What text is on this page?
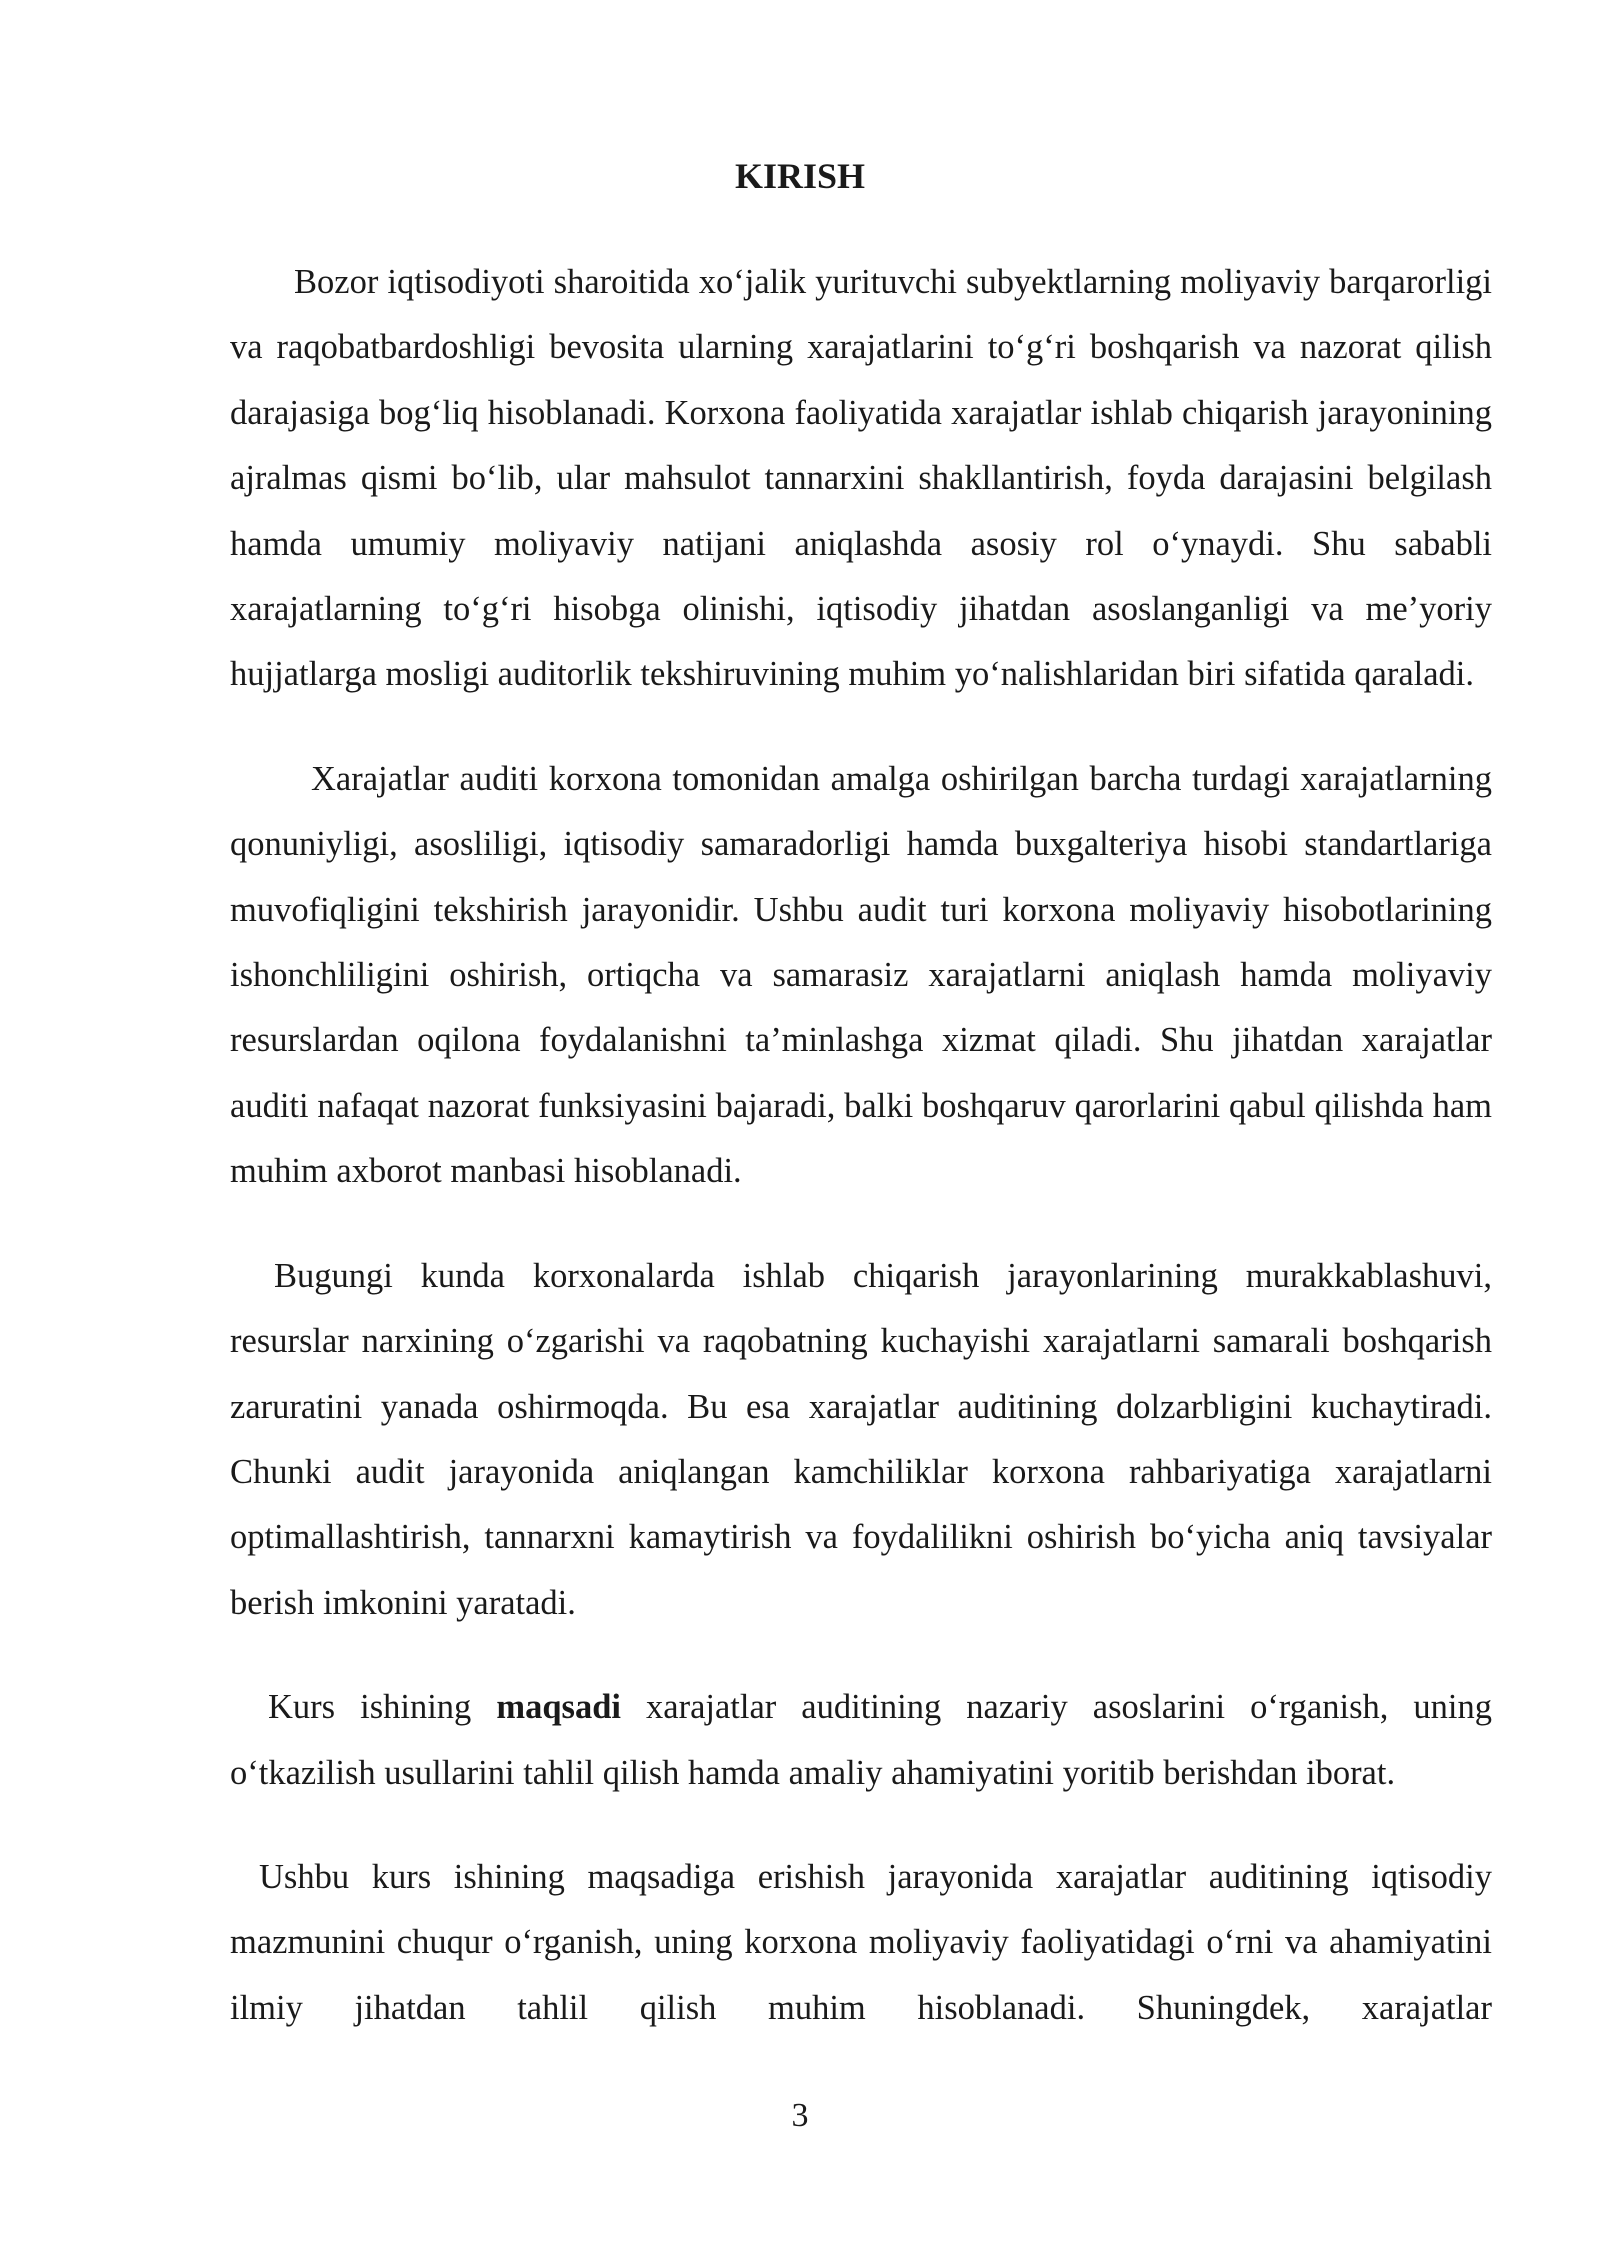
KIRISH

Bozor iqtisodiyoti sharoitida xo‘jalik yurituvchi subyektlarning moliyaviy barqarorligi va raqobatbardoshligi bevosita ularning xarajatlarini to‘g‘ri boshqarish va nazorat qilish darajasiga bog‘liq hisoblanadi. Korxona faoliyatida xarajatlar ishlab chiqarish jarayonining ajralmas qismi bo‘lib, ular mahsulot tannarxini shakllantirish, foyda darajasini belgilash hamda umumiy moliyaviy natijani aniqlashda asosiy rol o‘ynaydi. Shu sababli xarajatlarning to‘g‘ri hisobga olinishi, iqtisodiy jihatdan asoslanganligi va me’yoriy hujjatlarga mosligi auditorlik tekshiruvining muhim yo‘nalishlaridan biri sifatida qaraladi.

Xarajatlar auditi korxona tomonidan amalga oshirilgan barcha turdagi xarajatlarning qonuniyligi, asosliligi, iqtisodiy samaradorligi hamda buxgalteriya hisobi standartlariga muvofiqligini tekshirish jarayonidir. Ushbu audit turi korxona moliyaviy hisobotlarining ishonchliligini oshirish, ortiqcha va samarasiz xarajatlarni aniqlash hamda moliyaviy resurslardan oqilona foydalanishni ta’minlashga xizmat qiladi. Shu jihatdan xarajatlar auditi nafaqat nazorat funksiyasini bajaradi, balki boshqaruv qarorlarini qabul qilishda ham muhim axborot manbasi hisoblanadi.

Bugungi kunda korxonalarda ishlab chiqarish jarayonlarining murakkablashuvi, resurslar narxining o‘zgarishi va raqobatning kuchayishi xarajatlarni samarali boshqarish zaruratini yanada oshirmoqda. Bu esa xarajatlar auditining dolzarbligini kuchaytiradi. Chunki audit jarayonida aniqlangan kamchiliklar korxona rahbariyatiga xarajatlarni optimallashtirish, tannarxni kamaytirish va foydalilikni oshirish bo‘yicha aniq tavsiyalar berish imkonini yaratadi.

Kurs ishining maqsadi xarajatlar auditining nazariy asoslarini o‘rganish, uning o‘tkazilish usullarini tahlil qilish hamda amaliy ahamiyatini yoritib berishdan iborat.

Ushbu kurs ishining maqsadiga erishish jarayonida xarajatlar auditining iqtisodiy mazmunini chuqur o‘rganish, uning korxona moliyaviy faoliyatidagi o‘rni va ahamiyatini ilmiy jihatdan tahlil qilish muhim hisoblanadi. Shuningdek, xarajatlar

3
